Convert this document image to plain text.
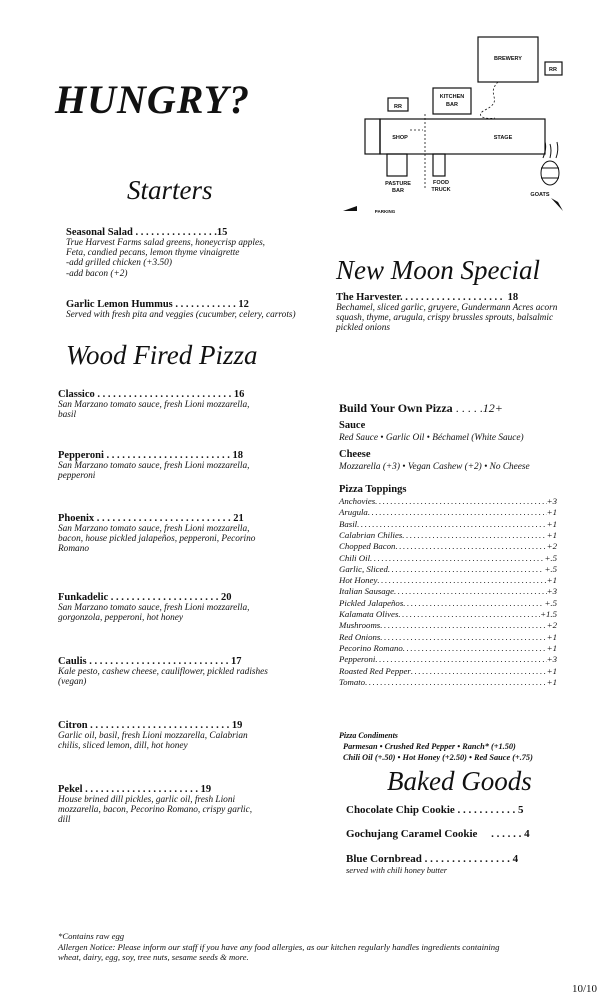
HUNGRY?
BREWERY
RR
RR
KITCHEN
BAR
SHOP	STAGE
PASTURE
BAR
FOOD
TRUCK
PARKING
GOATS
Starters
Seasonal Salad . . . . . . . . . . . . . . . .15
True Harvest Farms salad greens, honeycrisp apples,
Feta, candied pecans, lemon thyme vinaigrette
-add grilled chicken (+3.50)
-add bacon (+2)
Garlic Lemon Hummus . . . . . . . . . . . . 12
Served with fresh pita and veggies (cucumber, celery, carrots)
Wood Fired Pizza
Classico . . . . . . . . . . . . . . . . . . . . . . . . . . 16
San Marzano tomato sauce, fresh Lioni mozzarella,
basil
Pepperoni . . . . . . . . . . . . . . . . . . . . . . . . 18
San Marzano tomato sauce, fresh Lioni mozzarella,
pepperoni
Phoenix . . . . . . . . . . . . . . . . . . . . . . . . . . 21
San Marzano tomato sauce, fresh Lioni mozzarella,
bacon, house pickled jalapeños, pepperoni, Pecorino
Romano
Funkadelic . . . . . . . . . . . . . . . . . . . . . 20
San Marzano tomato sauce, fresh Lioni mozzarella,
gorgonzola, pepperoni, hot honey
Caulis . . . . . . . . . . . . . . . . . . . . . . . . . . . 17
Kale pesto, cashew cheese, cauliflower, pickled radishes
(vegan)
Citron . . . . . . . . . . . . . . . . . . . . . . . . . . . 19
Garlic oil, basil, fresh Lioni mozzarella, Calabrian
chilis, sliced lemon, dill, hot honey
Pekel . . . . . . . . . . . . . . . . . . . . . . 19
House brined dill pickles, garlic oil, fresh Lioni
mozzarella, bacon, Pecorino Romano, crispy garlic,
dill
New Moon Special
The Harvester. . . . . . . . . . . . . . . . . . . .  18
Bechamel, sliced garlic, gruyere, Gundermann Acres acorn
squash, thyme, arugula, crispy brussles sprouts, balsalmic
pickled onions
Build Your Own Pizza . . . . .12+
Sauce
Red Sauce • Garlic Oil • Béchamel (White Sauce)
Cheese
Mozzarella (+3) • Vegan Cashew (+2) • No Cheese
Pizza Toppings
Anchovies . . .	+3
Arugula . . .	+1
Basil . . .	+1
Calabrian Chilies . . .	+1
Chopped Bacon . . .	+2
Chili Oil . . .	+.5
Garlic, Sliced . . .	+.5
Hot Honey . . .	+1
Italian Sausage . . .	+3
Pickled Jalapeños . . .	+.5
Kalamata Olives . . .	+1.5
Mushrooms . . .	+2
Red Onions . . .	+1
Pecorino Romano . . .	+1
Pepperoni . . .	+3
Roasted Red Pepper . . .	+1
Tomato . . .	+1
Pizza Condiments
Parmesan • Crushed Red Pepper • Ranch* (+1.50)
Chili Oil (+.50) • Hot Honey (+2.50) • Red Sauce (+.75)
Baked Goods
Chocolate Chip Cookie . . . . . . . . . . . 5
Gochujang Caramel Cookie     . . . . . . 4
Blue Cornbread . . . . . . . . . . . . . . . . 4
served with chili honey butter
*Contains raw egg
Allergen Notice: Please inform our staff if you have any food allergies, as our kitchen regularly handles ingredients containing
wheat, dairy, egg, soy, tree nuts, sesame seeds & more.
10/10
